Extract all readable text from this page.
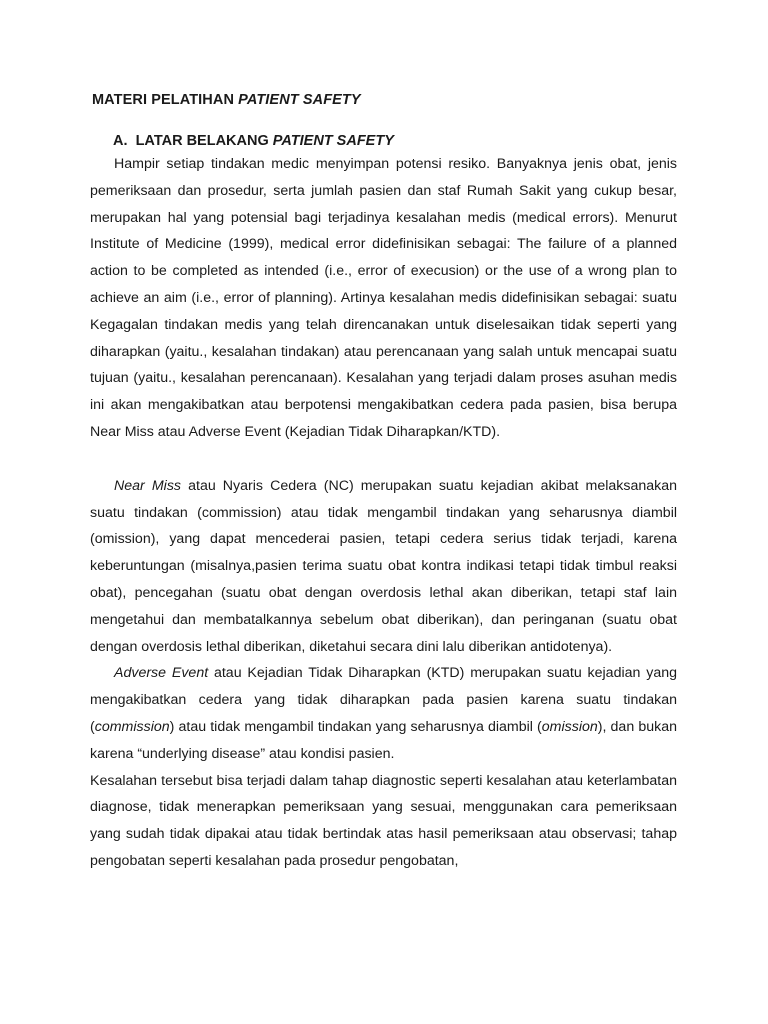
MATERI PELATIHAN PATIENT SAFETY
A. LATAR BELAKANG PATIENT SAFETY

Hampir setiap tindakan medic menyimpan potensi resiko. Banyaknya jenis obat, jenis pemeriksaan dan prosedur, serta jumlah pasien dan staf Rumah Sakit yang cukup besar, merupakan hal yang potensial bagi terjadinya kesalahan medis (medical errors). Menurut Institute of Medicine (1999), medical error didefinisikan sebagai: The failure of a planned action to be completed as intended (i.e., error of execusion) or the use of a wrong plan to achieve an aim (i.e., error of planning). Artinya kesalahan medis didefinisikan sebagai: suatu Kegagalan tindakan medis yang telah direncanakan untuk diselesaikan tidak seperti yang diharapkan (yaitu., kesalahan tindakan) atau perencanaan yang salah untuk mencapai suatu tujuan (yaitu., kesalahan perencanaan). Kesalahan yang terjadi dalam proses asuhan medis ini akan mengakibatkan atau berpotensi mengakibatkan cedera pada pasien, bisa berupa Near Miss atau Adverse Event (Kejadian Tidak Diharapkan/KTD).

Near Miss atau Nyaris Cedera (NC) merupakan suatu kejadian akibat melaksanakan suatu tindakan (commission) atau tidak mengambil tindakan yang seharusnya diambil (omission), yang dapat mencederai pasien, tetapi cedera serius tidak terjadi, karena keberuntungan (misalnya,pasien terima suatu obat kontra indikasi tetapi tidak timbul reaksi obat), pencegahan (suatu obat dengan overdosis lethal akan diberikan, tetapi staf lain mengetahui dan membatalkannya sebelum obat diberikan), dan peringanan (suatu obat dengan overdosis lethal diberikan, diketahui secara dini lalu diberikan antidotenya).

Adverse Event atau Kejadian Tidak Diharapkan (KTD) merupakan suatu kejadian yang mengakibatkan cedera yang tidak diharapkan pada pasien karena suatu tindakan (commission) atau tidak mengambil tindakan yang seharusnya diambil (omission), dan bukan karena “underlying disease” atau kondisi pasien.

Kesalahan tersebut bisa terjadi dalam tahap diagnostic seperti kesalahan atau keterlambatan diagnose, tidak menerapkan pemeriksaan yang sesuai, menggunakan cara pemeriksaan yang sudah tidak dipakai atau tidak bertindak atas hasil pemeriksaan atau observasi; tahap pengobatan seperti kesalahan pada prosedur pengobatan,
